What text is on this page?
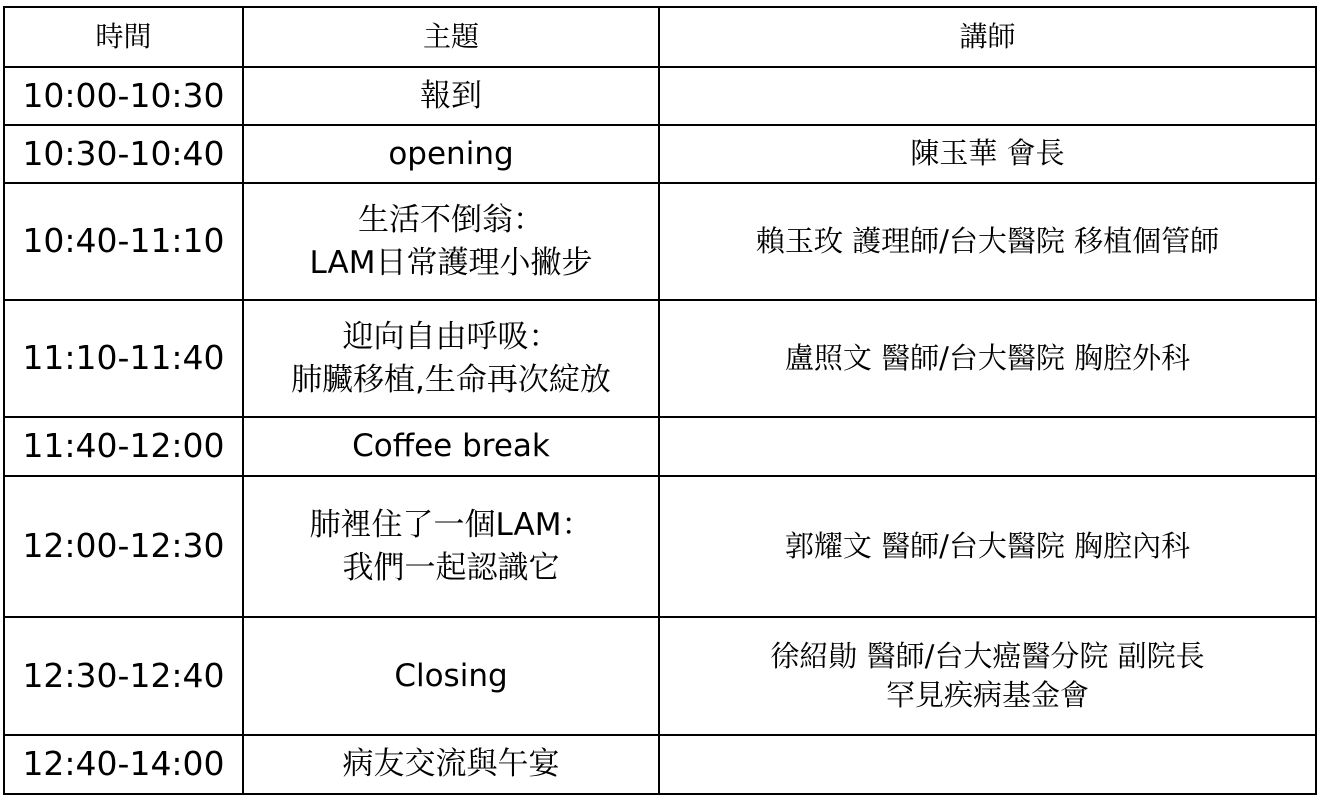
時間	主題	講師

10:00-10:30	報到	

10:30-10:40	opening	陳玉華 會長

10:40-11:10	生活不倒翁：
LAM日常護理小撇步	賴玉玫 護理師/台大醫院 移植個管師

11:10-11:40	迎向自由呼吸：
肺臟移植,生命再次綻放	盧照文 醫師/台大醫院 胸腔外科

11:40-12:00	Coffee break	

12:00-12:30	肺裡住了一個LAM：
我們一起認識它	郭耀文 醫師/台大醫院 胸腔內科

12:30-12:40	Closing	徐紹勛 醫師/台大癌醫分院 副院長
罕見疾病基金會

12:40-14:00	病友交流與午宴	
